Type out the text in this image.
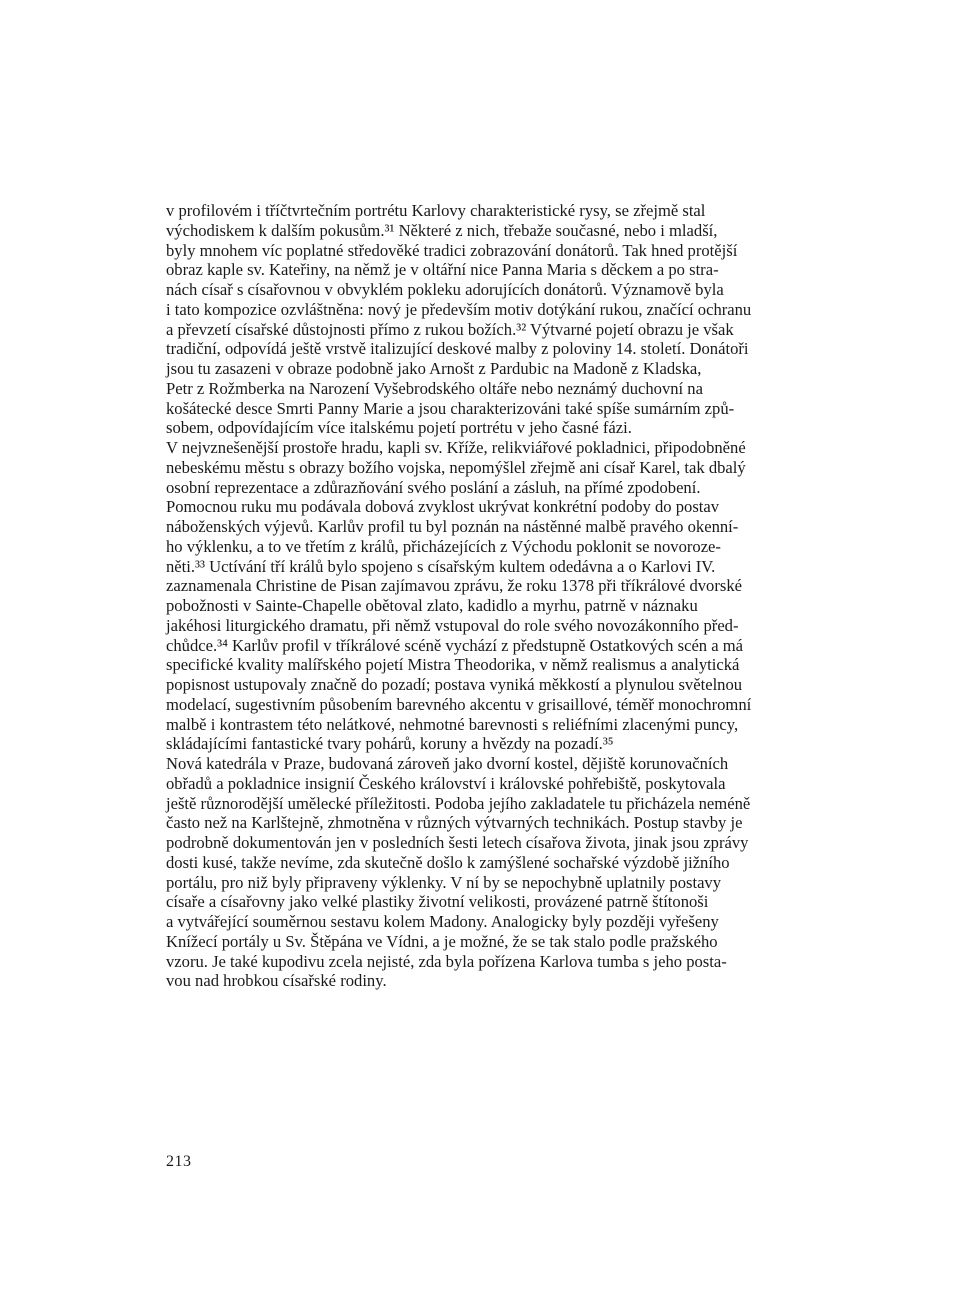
v profilovém i tříčtvrtečním portrétu Karlovy charakteristické rysy, se zřejmě stal
východiskem k dalším pokusům.³¹ Některé z nich, třebaže současné, nebo i mladší,
byly mnohem víc poplatné středověké tradici zobrazování donátorů. Tak hned protější
obraz kaple sv. Kateřiny, na němž je v oltářní nice Panna Maria s děckem a po stra-
nách císař s císařovnou v obvyklém pokleku adorujících donátorů. Významově byla
i tato kompozice ozvláštněna: nový je především motiv dotýkání rukou, značící ochranu
a převzetí císařské důstojnosti přímo z rukou božích.³² Výtvarné pojetí obrazu je však
tradiční, odpovídá ještě vrstvě italizující deskové malby z poloviny 14. století. Donátoři
jsou tu zasazeni v obraze podobně jako Arnošt z Pardubic na Madoně z Kladska,
Petr z Rožmberka na Narození Vyšebrodského oltáře nebo neznámý duchovní na
košátecké desce Smrti Panny Marie a jsou charakterizováni také spíše sumárním způ-
sobem, odpovídajícím více italskému pojetí portrétu v jeho časné fázi.
V nejvznešenější prostoře hradu, kapli sv. Kříže, relikviářové pokladnici, připodobněné
nebeskému městu s obrazy božího vojska, nepomýšlel zřejmě ani císař Karel, tak dbalý
osobní reprezentace a zdůrazňování svého poslání a zásluh, na přímé zpodobení.
Pomocnou ruku mu podávala dobová zvyklost ukrývat konkrétní podoby do postav
náboženských výjevů. Karlův profil tu byl poznán na nástěnné malbě pravého okenní-
ho výklenku, a to ve třetím z králů, přicházejících z Východu poklonit se novoroze-
něti.³³ Uctívání tří králů bylo spojeno s císařským kultem odedávna a o Karlovi IV.
zaznamenala Christine de Pisan zajímavou zprávu, že roku 1378 při tříkrálové dvorské
pobožnosti v Sainte-Chapelle obětoval zlato, kadidlo a myrhu, patrně v náznaku
jakéhosi liturgického dramatu, při němž vstupoval do role svého novozákonního před-
chůdce.³⁴ Karlův profil v tříkrálové scéně vychází z předstupně Ostatkových scén a má
specifické kvality malířského pojetí Mistra Theodorika, v němž realismus a analytická
popisnost ustupovaly značně do pozadí; postava vyniká měkkostí a plynulou světelnou
modelací, sugestivním působením barevného akcentu v grisaillové, téměř monochromní
malbě i kontrastem této nelátkové, nehmotné barevnosti s reliéfními zlacenými puncy,
skládajícími fantastické tvary pohárů, koruny a hvězdy na pozadí.³⁵
Nová katedrála v Praze, budovaná zároveň jako dvorní kostel, dějiště korunovačních
obřadů a pokladnice insignií Českého království i královské pohřebiště, poskytovala
ještě různorodější umělecké příležitosti. Podoba jejího zakladatele tu přicházela neméně
často než na Karlštejně, zhmotněna v různých výtvarných technikách. Postup stavby je
podrobně dokumentován jen v posledních šesti letech císařova života, jinak jsou zprávy
dosti kusé, takže nevíme, zda skutečně došlo k zamýšlené sochařské výzdobě jižního
portálu, pro niž byly připraveny výklenky. V ní by se nepochybně uplatnily postavy
císaře a císařovny jako velké plastiky životní velikosti, provázené patrně štítonoši
a vytvářející souměrnou sestavu kolem Madony. Analogicky byly později vyřešeny
Knížecí portály u Sv. Štěpána ve Vídni, a je možné, že se tak stalo podle pražského
vzoru. Je také kupodivu zcela nejisté, zda byla pořízena Karlova tumba s jeho posta-
vou nad hrobkou císařské rodiny.
213
